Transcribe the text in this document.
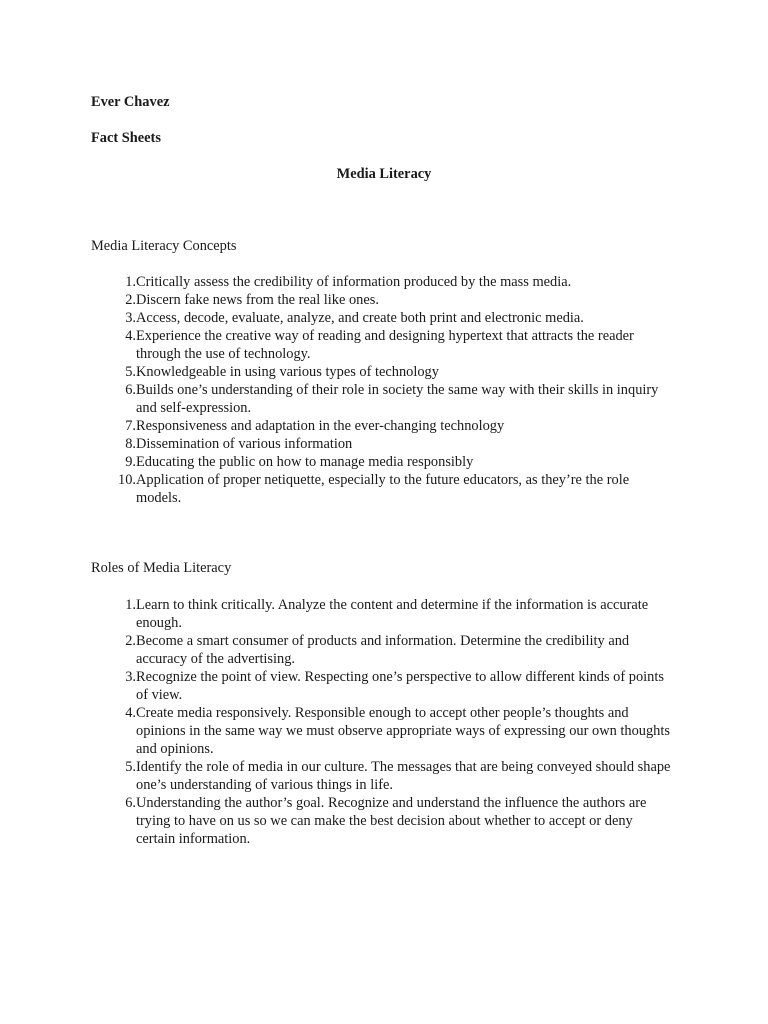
Ever Chavez

Fact Sheets

Media Literacy

Media Literacy Concepts

1. Critically assess the credibility of information produced by the mass media.
2. Discern fake news from the real like ones.
3. Access, decode, evaluate, analyze, and create both print and electronic media.
4. Experience the creative way of reading and designing hypertext that attracts the reader through the use of technology.
5. Knowledgeable in using various types of technology
6. Builds one’s understanding of their role in society the same way with their skills in inquiry and self-expression.
7. Responsiveness and adaptation in the ever-changing technology
8. Dissemination of various information
9. Educating the public on how to manage media responsibly
10. Application of proper netiquette, especially to the future educators, as they’re the role models.

Roles of Media Literacy

1. Learn to think critically. Analyze the content and determine if the information is accurate enough.
2. Become a smart consumer of products and information. Determine the credibility and accuracy of the advertising.
3. Recognize the point of view. Respecting one’s perspective to allow different kinds of points of view.
4. Create media responsively. Responsible enough to accept other people’s thoughts and opinions in the same way we must observe appropriate ways of expressing our own thoughts and opinions.
5. Identify the role of media in our culture. The messages that are being conveyed should shape one’s understanding of various things in life.
6. Understanding the author’s goal. Recognize and understand the influence the authors are trying to have on us so we can make the best decision about whether to accept or deny certain information.
